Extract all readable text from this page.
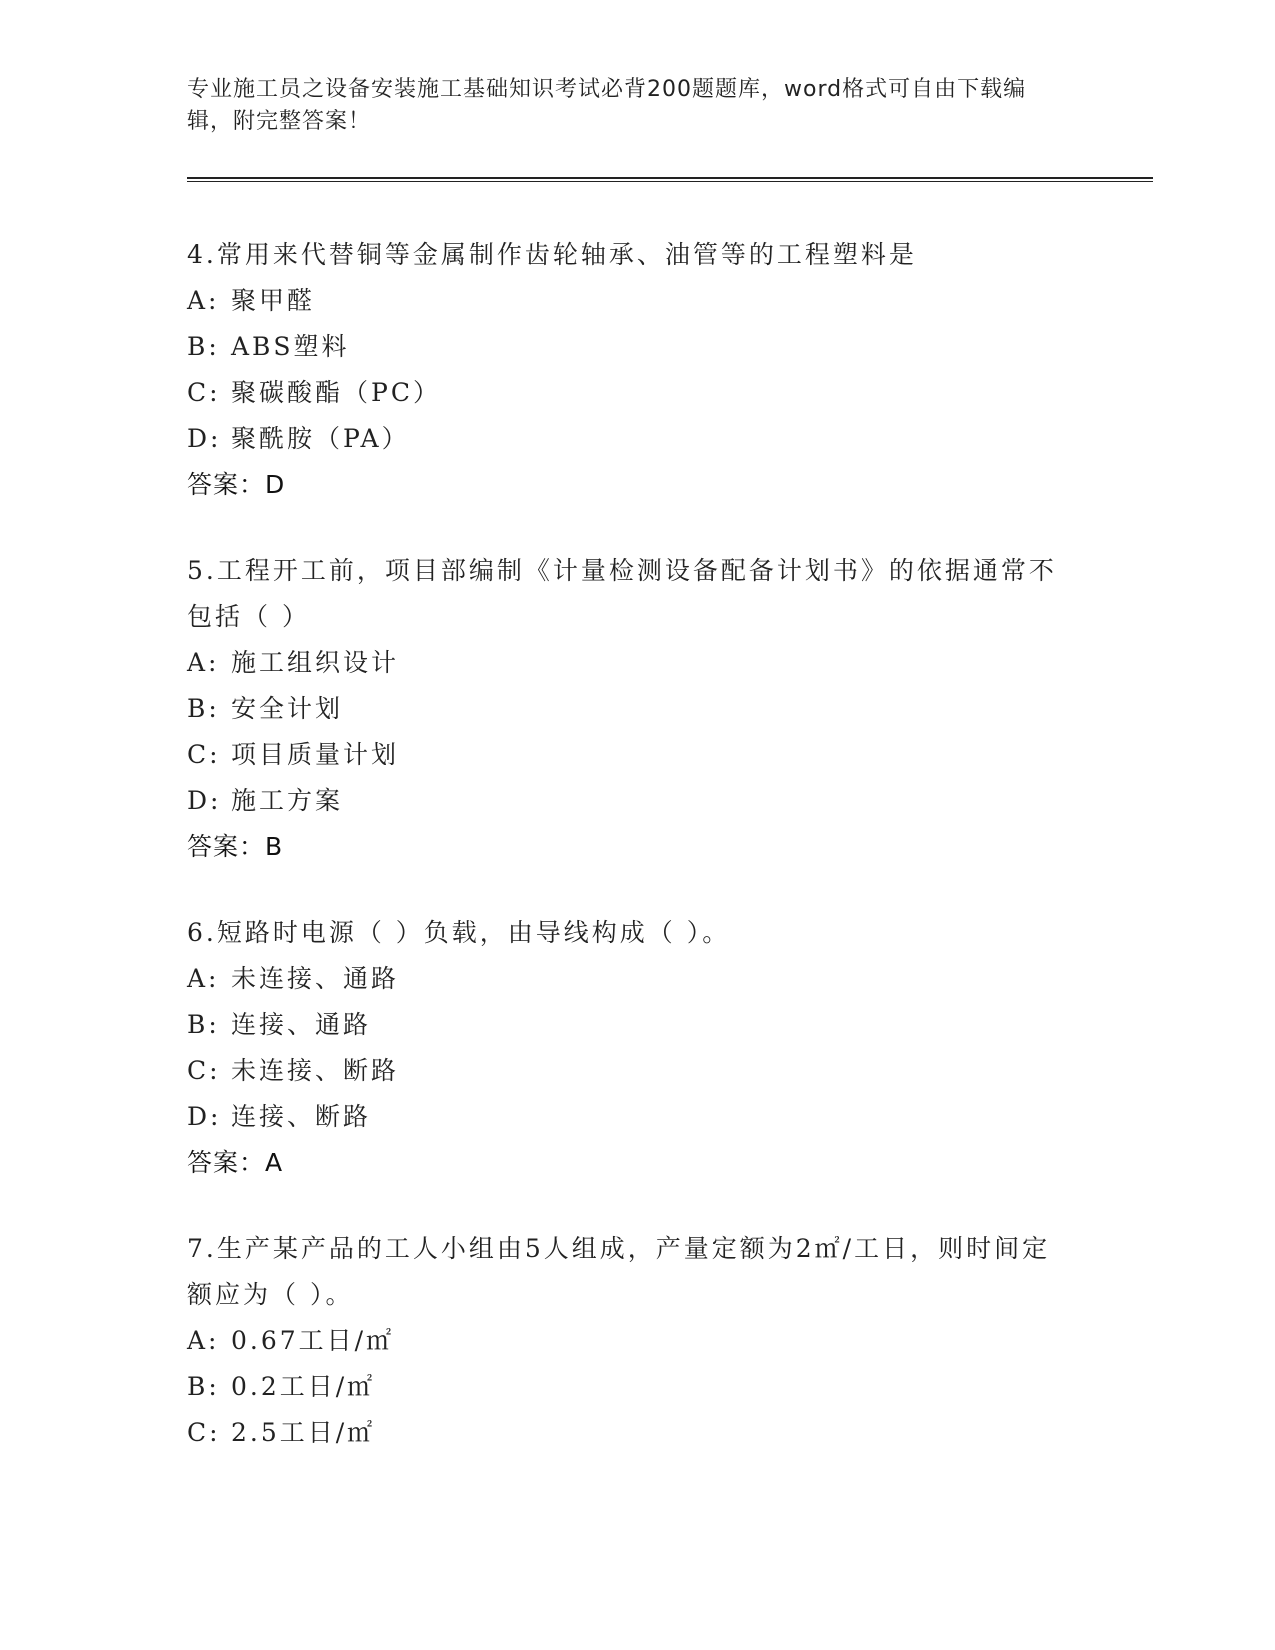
专业施工员之设备安装施工基础知识考试必背200题题库，word格式可自由下载编辑，附完整答案！
4.常用来代替铜等金属制作齿轮轴承、油管等的工程塑料是
A: 聚甲醛
B: ABS塑料
C: 聚碳酸酯（PC）
D: 聚酰胺（PA）
答案：D
5.工程开工前，项目部编制《计量检测设备配备计划书》的依据通常不包括（ ）
A: 施工组织设计
B: 安全计划
C: 项目质量计划
D: 施工方案
答案：B
6.短路时电源（ ）负载，由导线构成（ ）。
A: 未连接、通路
B: 连接、通路
C: 未连接、断路
D: 连接、断路
答案：A
7.生产某产品的工人小组由5人组成，产量定额为2㎡/工日，则时间定额应为（ ）。
A: 0.67工日/㎡
B: 0.2工日/㎡
C: 2.5工日/㎡
